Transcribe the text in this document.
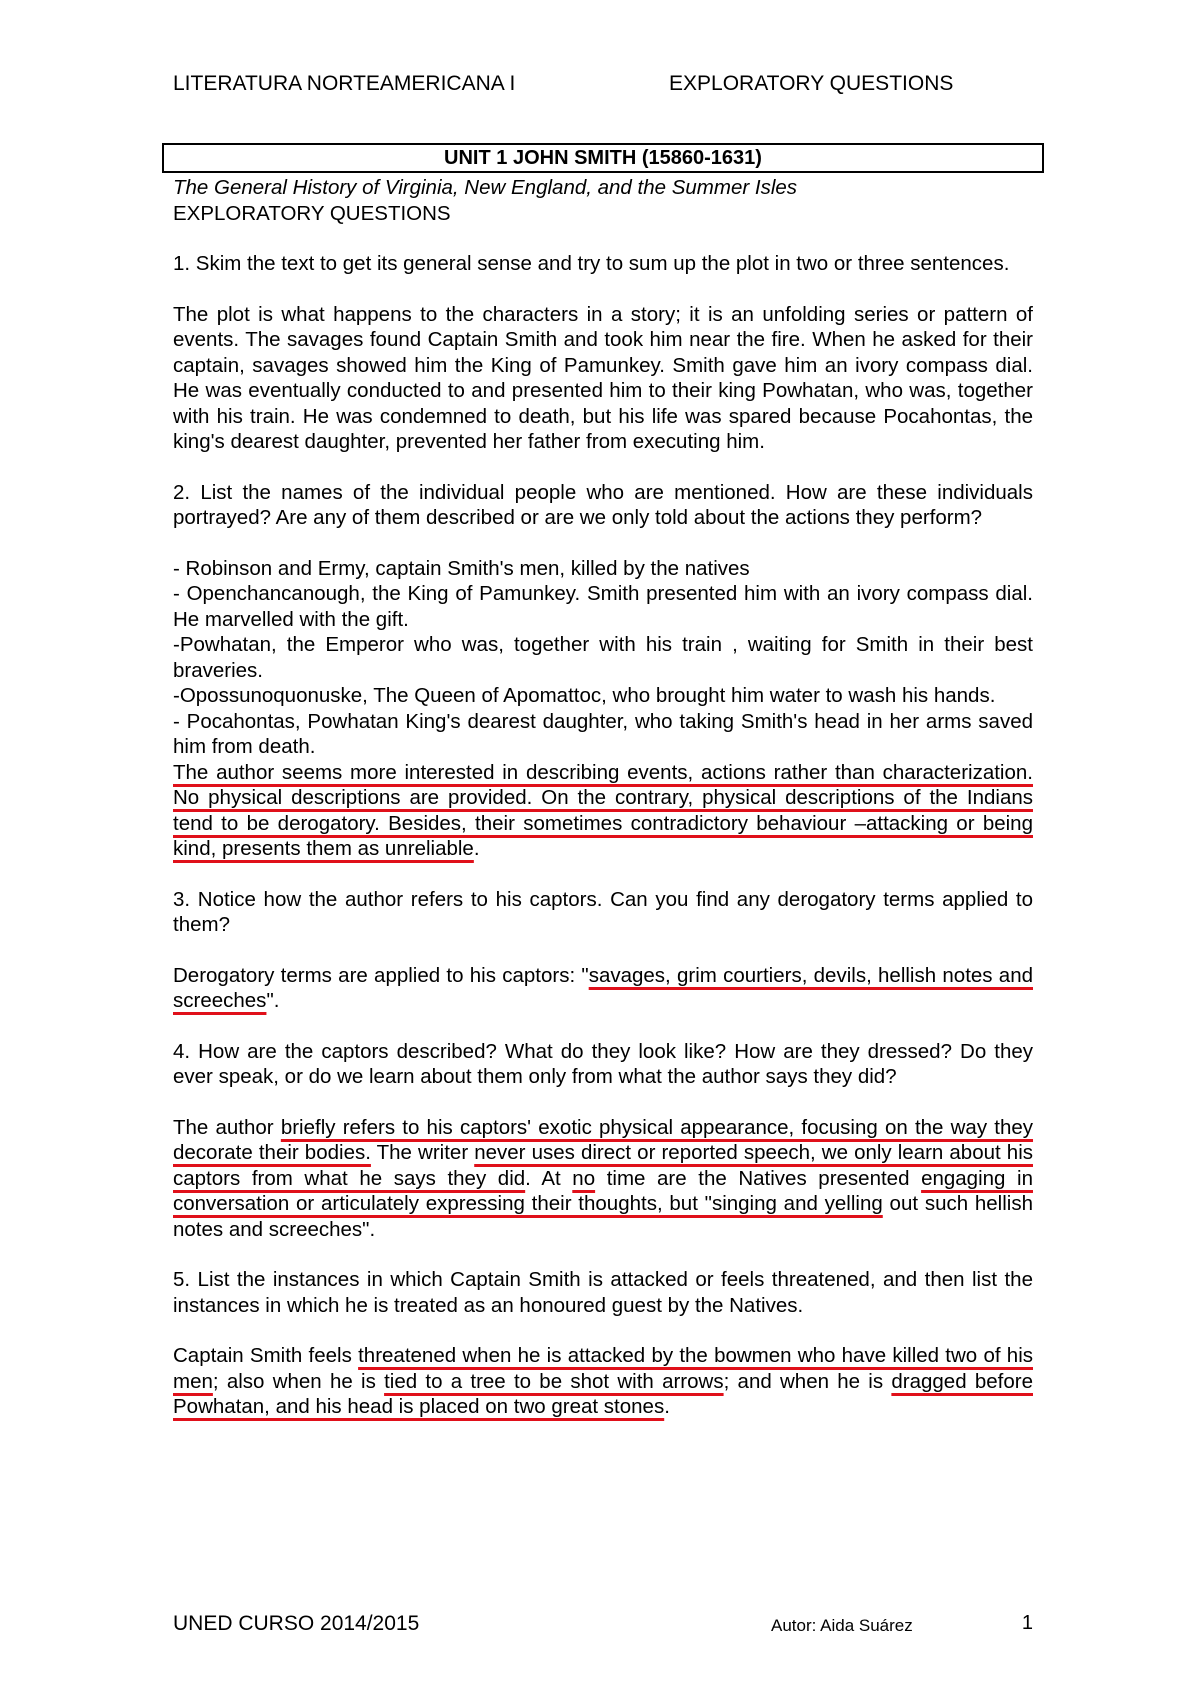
LITERATURA NORTEAMERICANA I	EXPLORATORY QUESTIONS
UNIT 1 JOHN SMITH (15860-1631)

The General History of Virginia, New England, and the Summer Isles

EXPLORATORY QUESTIONS

1. Skim the text to get its general sense and try to sum up the plot in two or three sentences.

The plot is what happens to the characters in a story; it is an unfolding series or pattern of events. The savages found Captain Smith and took him near the fire. When he asked for their captain, savages showed him the King of Pamunkey. Smith gave him an ivory compass dial. He was eventually conducted to and presented him to their king Powhatan, who was, together with his train. He was condemned to death, but his life was spared because Pocahontas, the king's dearest daughter, prevented her father from executing him.

2. List the names of the individual people who are mentioned. How are these individuals portrayed? Are any of them described or are we only told about the actions they perform?

- Robinson and Ermy, captain Smith's men, killed by the natives

- Openchancanough, the King of Pamunkey. Smith presented him with an ivory compass dial. He marvelled with the gift.

-Powhatan, the Emperor who was, together with his train , waiting for Smith in their best braveries.

-Opossunoquonuske, The Queen of Apomattoc, who brought him water to wash his hands.

- Pocahontas, Powhatan King's dearest daughter, who taking Smith's head in her arms saved him from death.

The author seems more interested in describing events, actions rather than characterization. No physical descriptions are provided. On the contrary, physical descriptions of the Indians tend to be derogatory. Besides, their sometimes contradictory behaviour –attacking or being kind, presents them as unreliable.

3. Notice how the author refers to his captors. Can you find any derogatory terms applied to them?

Derogatory terms are applied to his captors: "savages, grim courtiers, devils, hellish notes and screeches".

4. How are the captors described? What do they look like? How are they dressed? Do they ever speak, or do we learn about them only from what the author says they did?

The author briefly refers to his captors' exotic physical appearance, focusing on the way they decorate their bodies. The writer never uses direct or reported speech, we only learn about his captors from what he says they did. At no time are the Natives presented engaging in conversation or articulately expressing their thoughts, but "singing and yelling out such hellish notes and screeches".

5. List the instances in which Captain Smith is attacked or feels threatened, and then list the instances in which he is treated as an honoured guest by the Natives.

Captain Smith feels threatened when he is attacked by the bowmen who have killed two of his men; also when he is tied to a tree to be shot with arrows; and when he is dragged before Powhatan, and his head is placed on two great stones.

UNED CURSO 2014/2015	Autor: Aida Suárez	1
